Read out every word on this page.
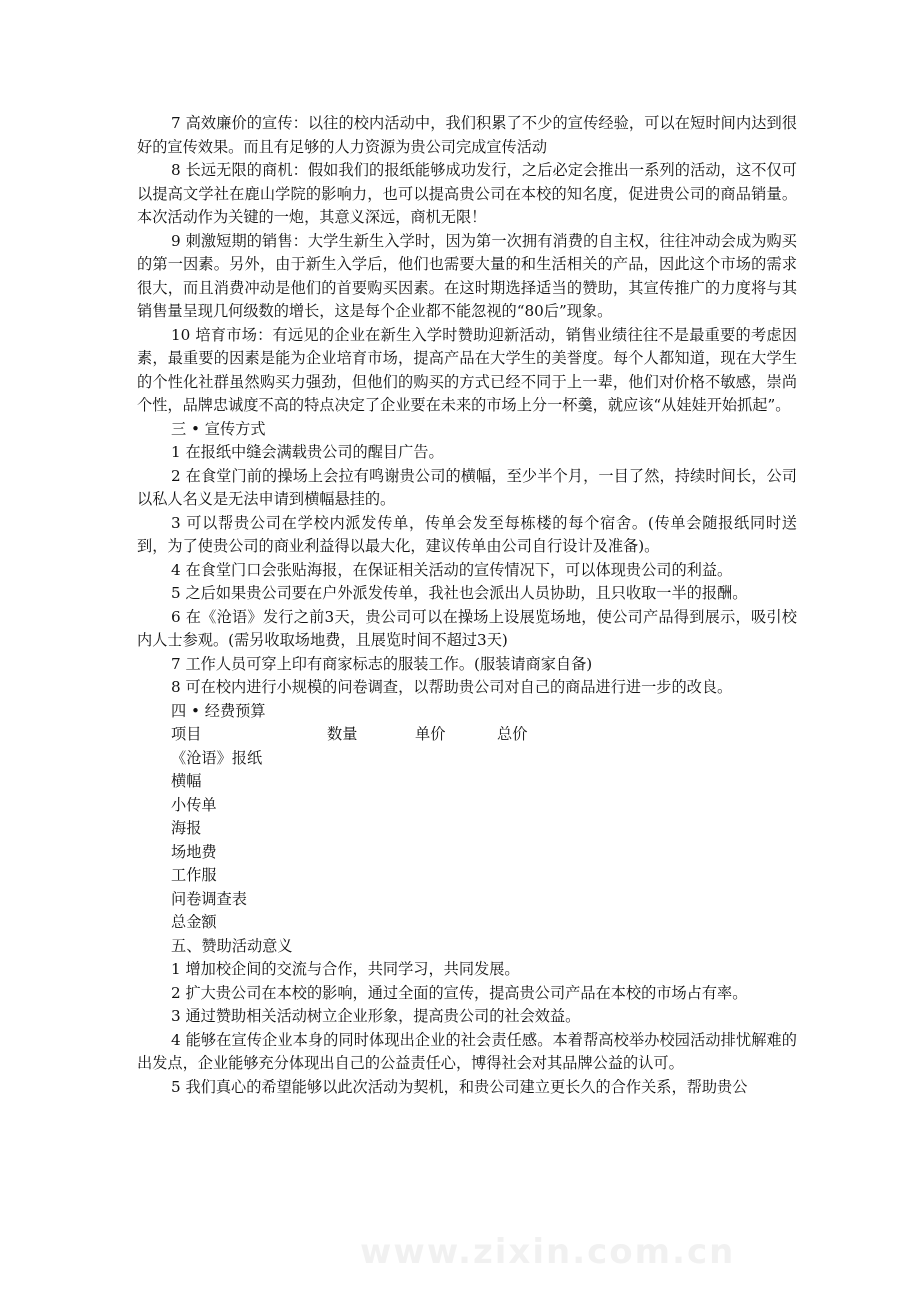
7 高效廉价的宣传：以往的校内活动中，我们积累了不少的宣传经验，可以在短时间内达到很好的宣传效果。而且有足够的人力资源为贵公司完成宣传活动

8 长远无限的商机：假如我们的报纸能够成功发行，之后必定会推出一系列的活动，这不仅可以提高文学社在鹿山学院的影响力，也可以提高贵公司在本校的知名度，促进贵公司的商品销量。本次活动作为关键的一炮，其意义深远，商机无限！

9 刺激短期的销售：大学生新生入学时，因为第一次拥有消费的自主权，往往冲动会成为购买的第一因素。另外，由于新生入学后，他们也需要大量的和生活相关的产品，因此这个市场的需求很大，而且消费冲动是他们的首要购买因素。在这时期选择适当的赞助，其宣传推广的力度将与其销售量呈现几何级数的增长，这是每个企业都不能忽视的“80后”现象。

10 培育市场：有远见的企业在新生入学时赞助迎新活动，销售业绩往往不是最重要的考虑因素，最重要的因素是能为企业培育市场，提高产品在大学生的美誉度。每个人都知道，现在大学生的个性化社群虽然购买力强劲，但他们的购买的方式已经不同于上一辈，他们对价格不敏感，崇尚个性，品牌忠诚度不高的特点决定了企业要在未来的市场上分一杯羹，就应该“从娃娃开始抓起”。

三 • 宣传方式

1 在报纸中缝会满载贵公司的醒目广告。

2 在食堂门前的操场上会拉有鸣谢贵公司的横幅，至少半个月，一目了然，持续时间长，公司以私人名义是无法申请到横幅悬挂的。

3 可以帮贵公司在学校内派发传单，传单会发至每栋楼的每个宿舍。(传单会随报纸同时送到，为了使贵公司的商业利益得以最大化，建议传单由公司自行设计及准备)。

4 在食堂门口会张贴海报，在保证相关活动的宣传情况下，可以体现贵公司的利益。

5 之后如果贵公司要在户外派发传单，我社也会派出人员协助，且只收取一半的报酬。

6 在《沧语》发行之前3天，贵公司可以在操场上设展览场地，使公司产品得到展示，吸引校内人士参观。(需另收取场地费，且展览时间不超过3天)

7 工作人员可穿上印有商家标志的服装工作。(服装请商家自备)

8 可在校内进行小规模的问卷调查，以帮助贵公司对自己的商品进行进一步的改良。

四 • 经费预算

项目	数量	单价	总价
《沧语》报纸
横幅
小传单
海报
场地费
工作服
问卷调查表
总金额

五、赞助活动意义

1 增加校企间的交流与合作，共同学习，共同发展。

2 扩大贵公司在本校的影响，通过全面的宣传，提高贵公司产品在本校的市场占有率。

3 通过赞助相关活动树立企业形象，提高贵公司的社会效益。

4 能够在宣传企业本身的同时体现出企业的社会责任感。本着帮高校举办校园活动排忧解难的出发点，企业能够充分体现出自己的公益责任心，博得社会对其品牌公益的认可。

5 我们真心的希望能够以此次活动为契机，和贵公司建立更长久的合作关系，帮助贵公

www.zixin.com.cn
